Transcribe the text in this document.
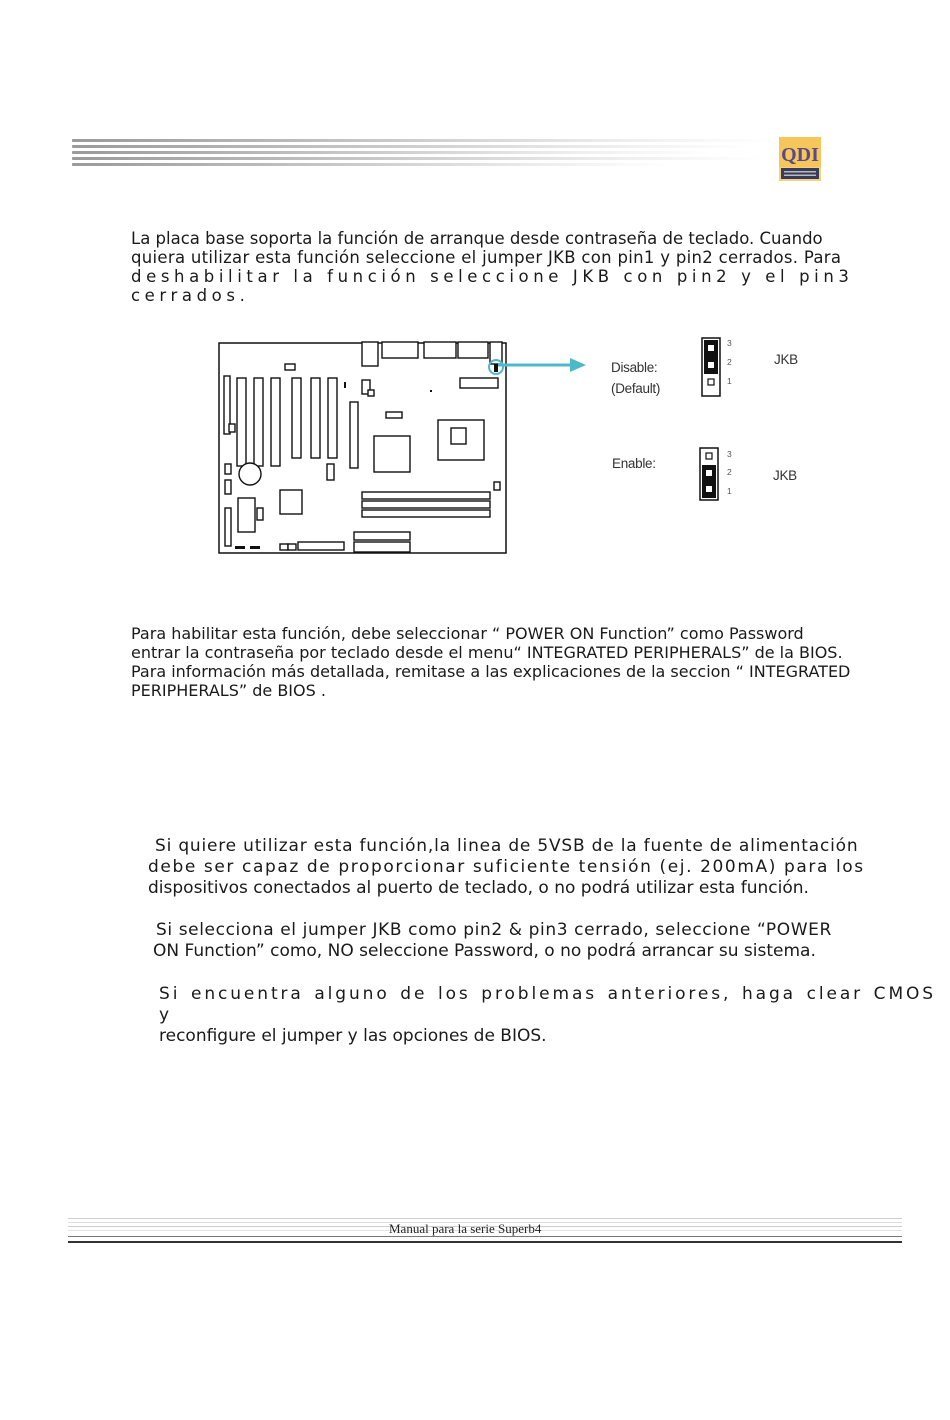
QDI
La placa base soporta la función de arranque desde contraseña de teclado. Cuando
quiera utilizar esta función seleccione el jumper JKB con pin1 y pin2 cerrados. Para
deshabilitar la función seleccione JKB con pin2 y el pin3 cerrados.
Disable:
(Default)
3
2
1
JKB
Enable:
3
2
1
JKB
Para habilitar esta función, debe seleccionar “ POWER ON Function” como Password
entrar la contraseña por teclado desde el menu“ INTEGRATED PERIPHERALS” de la BIOS.
Para información más detallada, remitase a las explicaciones de la seccion “ INTEGRATED
PERIPHERALS” de BIOS .
Si quiere utilizar esta función,la linea de 5VSB de la fuente de alimentación
debe ser capaz de proporcionar suficiente tensión (ej. 200mA) para los
dispositivos conectados al puerto de teclado, o no podrá utilizar esta función.
Si selecciona el jumper JKB como pin2 & pin3 cerrado, seleccione “POWER
ON Function” como, NO seleccione Password, o no podrá arrancar su sistema.
Si encuentra alguno de los problemas anteriores, haga clear CMOS y
reconfigure el jumper y las opciones de BIOS.
Manual para la serie Superb4
